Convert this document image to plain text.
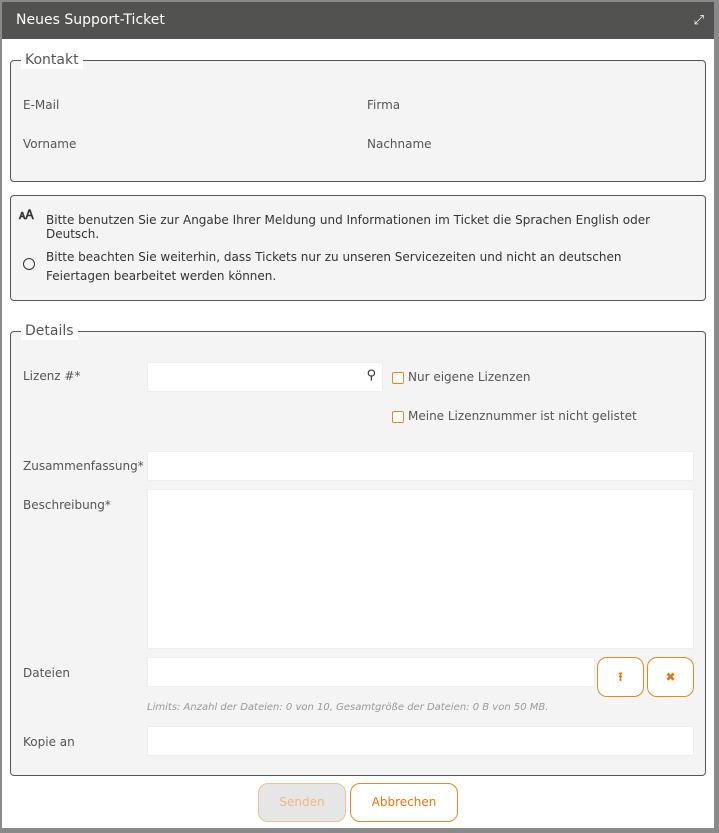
Neues Support-Ticket	⤢
Kontakt
E-Mail	Firma
Vorname	Nachname
🗚 Bitte benutzen Sie zur Angabe Ihrer Meldung und Informationen im Ticket die Sprachen English oder Deutsch.
Bitte beachten Sie weiterhin, dass Tickets nur zu unseren Servicezeiten und nicht an deutschen Feiertagen bearbeitet werden können.
Details
Lizenz #*	⚲	Nur eigene Lizenzen
Meine Lizenznummer ist nicht gelistet
Zusammenfassung*
Beschreibung*
Dateien	⭱	✖
Limits: Anzahl der Dateien: 0 von 10, Gesamtgröße der Dateien: 0 B von 50 MB.
Kopie an
Senden	Abbrechen
